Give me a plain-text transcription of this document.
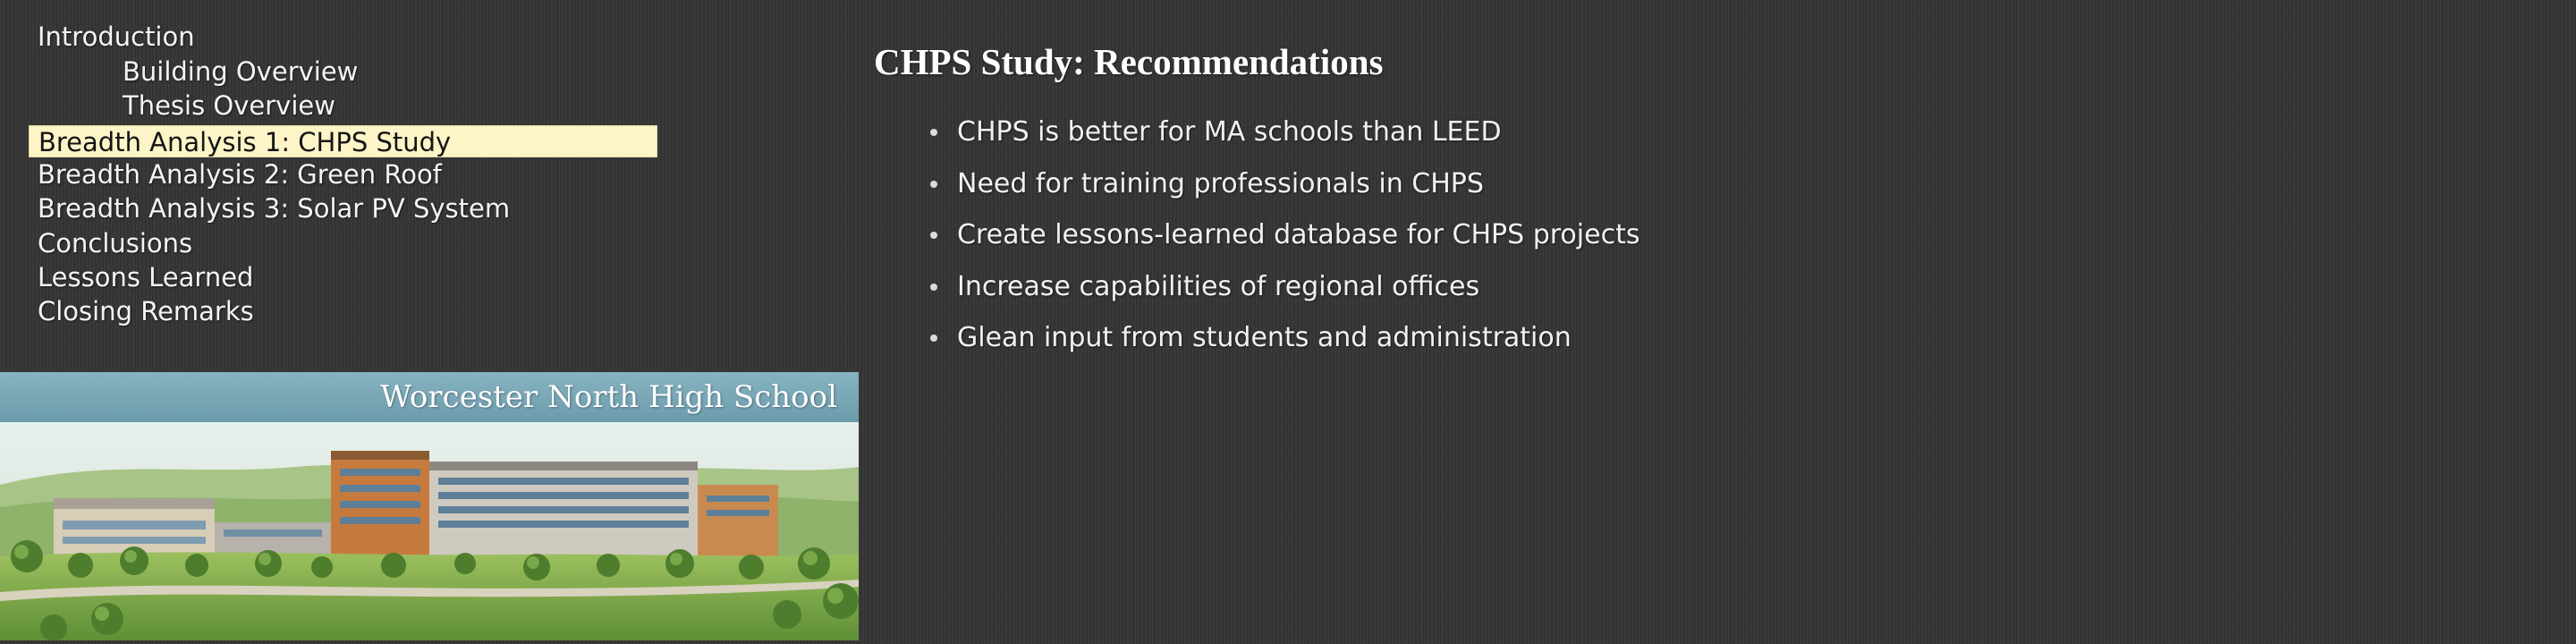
Introduction
Building Overview
Thesis Overview
Breadth Analysis 1: CHPS Study
Breadth Analysis 2: Green Roof
Breadth Analysis 3: Solar PV System
Conclusions
Lessons Learned
Closing Remarks
Worcester North High School
CHPS Study: Recommendations
CHPS is better for MA schools than LEED
Need for training professionals in CHPS
Create lessons-learned database for CHPS projects
Increase capabilities of regional offices
Glean input from students and administration
